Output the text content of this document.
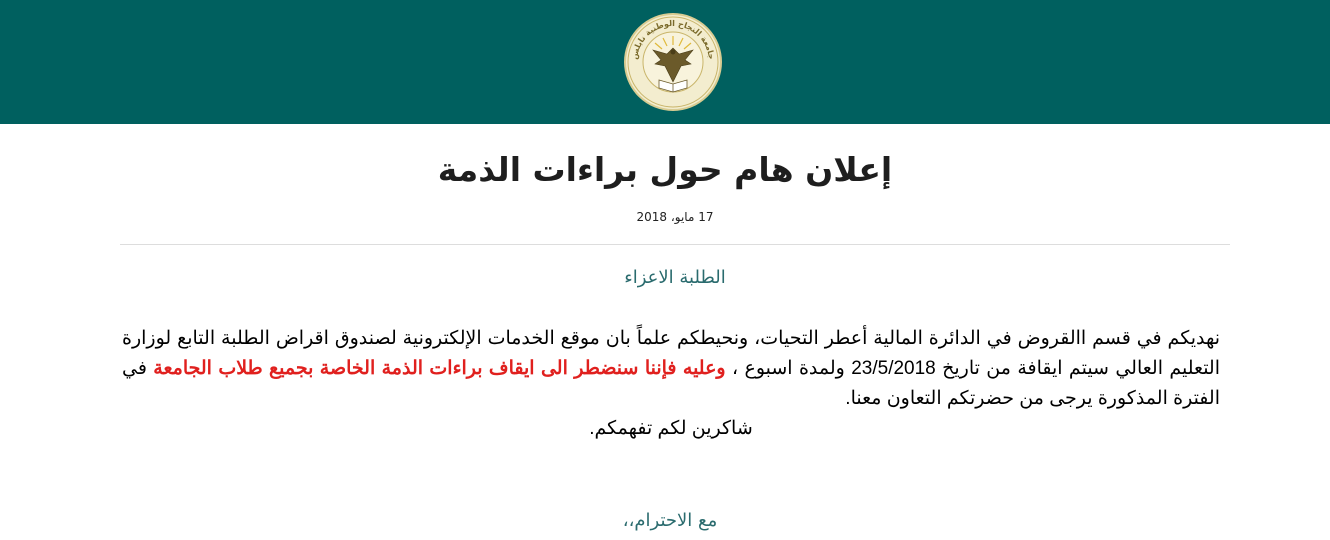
جامعة النجاح الوطنية نابلس
إعلان هام حول براءات الذمة
17 مايو، 2018
الطلبة الاعزاء
نهديكم في قسم االقروض في الدائرة المالية أعطر التحيات، ونحيطكم علماً بان موقع الخدمات الإلكترونية لصندوق اقراض الطلبة التابع لوزارة التعليم العالي سيتم ايقافة من تاريخ 23/5/2018 ولمدة اسبوع ، وعليه فإننا سنضطر الى ايقاف براءات الذمة الخاصة بجميع طلاب الجامعة في الفترة المذكورة يرجى من حضرتكم التعاون معنا.
شاكرين لكم تفهمكم.
مع الاحترام،،
